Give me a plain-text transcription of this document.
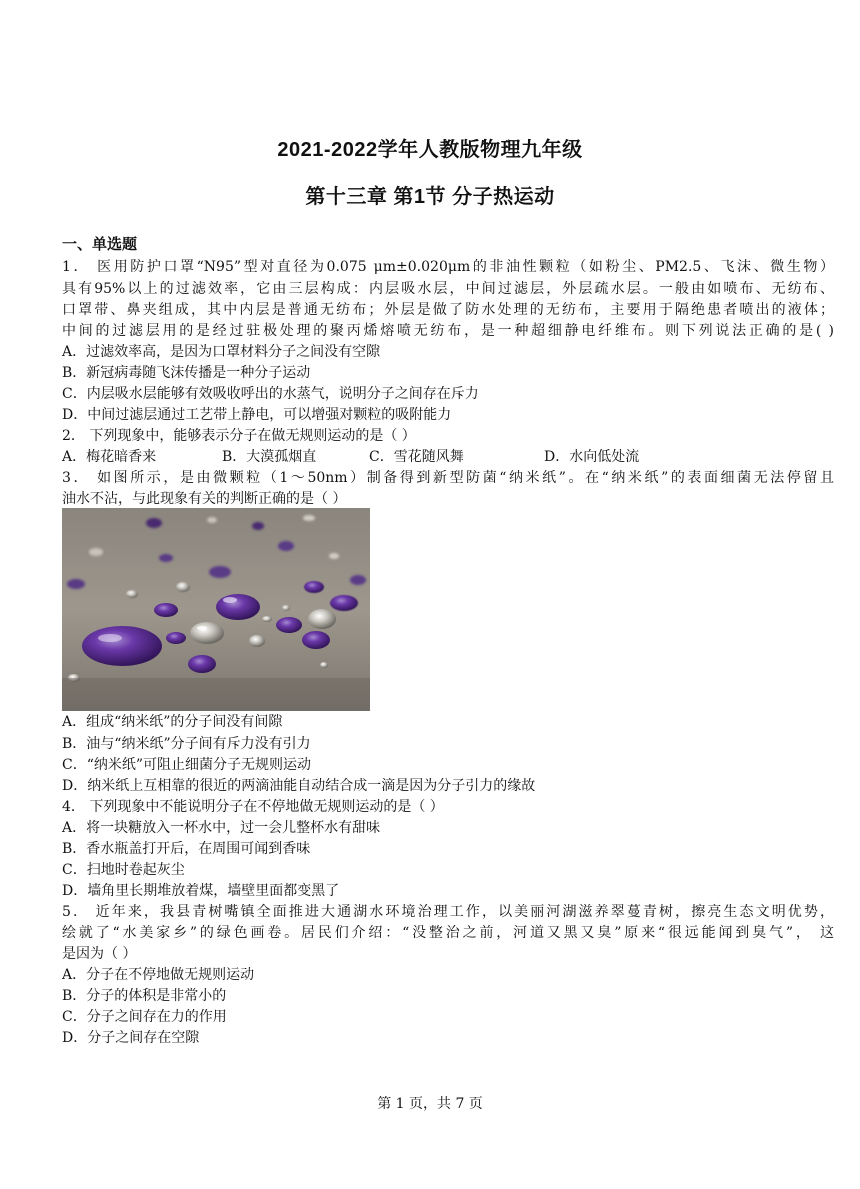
2021-2022学年人教版物理九年级
第十三章 第1节 分子热运动
一、单选题
1． 医用防护口罩“N95”型对直径为0.075 μm±0.020μm的非油性颗粒（如粉尘、PM2.5、飞沫、微生物）
具有95%以上的过滤效率，它由三层构成：内层吸水层，中间过滤层，外层疏水层。一般由如喷布、无纺布、
口罩带、鼻夹组成，其中内层是普通无纺布；外层是做了防水处理的无纺布，主要用于隔绝患者喷出的液体；
中间的过滤层用的是经过驻极处理的聚丙烯熔喷无纺布，是一种超细静电纤维布。则下列说法正确的是( )
A．过滤效率高，是因为口罩材料分子之间没有空隙
B．新冠病毒随飞沫传播是一种分子运动
C．内层吸水层能够有效吸收呼出的水蒸气，说明分子之间存在斥力
D．中间过滤层通过工艺带上静电，可以增强对颗粒的吸附能力
2． 下列现象中，能够表示分子在做无规则运动的是（ ）
A．梅花暗香来	B．大漠孤烟直	C．雪花随风舞	D．水向低处流
3． 如图所示，是由微颗粒（1～50nm）制备得到新型防菌“纳米纸”。在“纳米纸”的表面细菌无法停留且
油水不沾，与此现象有关的判断正确的是（ ）
A．组成“纳米纸”的分子间没有间隙
B．油与“纳米纸”分子间有斥力没有引力
C．“纳米纸”可阻止细菌分子无规则运动
D．纳米纸上互相靠的很近的两滴油能自动结合成一滴是因为分子引力的缘故
4． 下列现象中不能说明分子在不停地做无规则运动的是（ ）
A．将一块糖放入一杯水中，过一会儿整杯水有甜味
B．香水瓶盖打开后，在周围可闻到香味
C．扫地时卷起灰尘
D．墙角里长期堆放着煤，墙壁里面都变黑了
5． 近年来，我县青树嘴镇全面推进大通湖水环境治理工作，以美丽河湖滋养翠蔓青树，擦亮生态文明优势，
绘就了“水美家乡”的绿色画卷。居民们介绍：“没整治之前，河道又黑又臭”原来“很远能闻到臭气”， 这
是因为（ ）
A．分子在不停地做无规则运动
B．分子的体积是非常小的
C．分子之间存在力的作用
D．分子之间存在空隙
第 1 页，共 7 页
